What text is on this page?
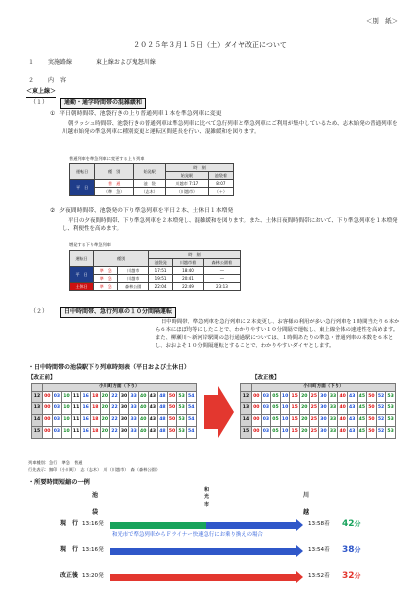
＜別　紙＞
２０２５年３月１５日（土）ダイヤ改正について
１ 実施路線	東上線および鬼怒川線
２ 内　容
＜東上線＞
（１）	通勤・通学時間帯の混雑緩和
① 平日朝時間帯、池袋行きの上り普通列車１本を準急列車に変更
朝ラッシュ時間帯、池袋行きの普通列車は準急列車に比べて急行列車と準急列車にご利用が集中しているため、志木始発の普通列車を川越市始発の準急列車に種別変更と運転区間延長を行い、混雑緩和を図ります。
普通列車を準急列車に変更する上り列車
運転日	種　別	始発駅	時　刻	
			始発駅	池袋着
平　日	普　通	池　袋	川越市 7:17	8:07
	（準　急）	（志木）	（川越市）	（＋）
② 夕夜間時間帯、池袋発の下り準急列車を平日２本、土休日１本増発
平日の夕夜間時間帯、下り準急列車を２本増発し、混雑緩和を図ります。また、土休日夜間時間帯において、下り準急列車を１本増発し、利便性を高めます。
増発する下り準急列車
運転日	種別		時　刻		
			池袋発	川越市着	森林公園着
平　日	準　急	川越市	17:51	18:40	―
	準　急	川越市	19:51	20:41	―
土休日	準　急	森林公園	22:04	22:49	23:13
（２）	日中時間帯、急行列車の１０分間隔運転
日中時間帯、準急列車を急行列車に２本変更し、お客様の利用が多い急行列車を１時間当たり６本から６本にほぼ均等にしたことで、わかりやすい１０分間隔で運転し、東上線全体の速達性を高めます。また、柳瀬川〜新河岸駅間の急行通過駅については、１時間あたりの準急・普通列車の本数を６本とし、おおよそ１０分間隔運転とすることで、わかりやすいダイヤとします。
・日中時間帯の池袋駅下り列車時刻表（平日および土休日）
【改正前】	【改正後】
	小川町方面（下り）															
12	00	03	10	11	16	18	20	22	30	33	40	43	48	50	53	54
13	00	03	10	11	16	18	20	22	30	33	40	43	48	50	53	54
14	00	03	10	11	16	18	20	22	30	33	40	43	48	50	53	54
15	00	03	10	11	16	18	20	22	30	33	40	43	48	50	53	54
	小川町方面（下り）														
12	00	03	05	10	15	20	25	30	33	40	43	45	50	52	53
13	00	03	05	10	15	20	25	30	33	40	43	45	50	52	53
14	00	03	05	10	15	20	25	30	33	40	43	45	50	52	53
15	00	03	05	10	15	20	25	30	33	40	43	45	50	52	53
列車種別：急行　準急　普通
行先表示：無印（小川町）　志（志木）　川（川越市）　森（森林公園）
・所要時間短縮の一例
池
袋
和
光
市
川
越
現　行 13:16発	13:58着 42分
和光市で準急列車からＦライナー快速急行にお乗り換えの場合
現　行 13:16発	13:54着 38分
改正後 13:20発	13:52着 32分
